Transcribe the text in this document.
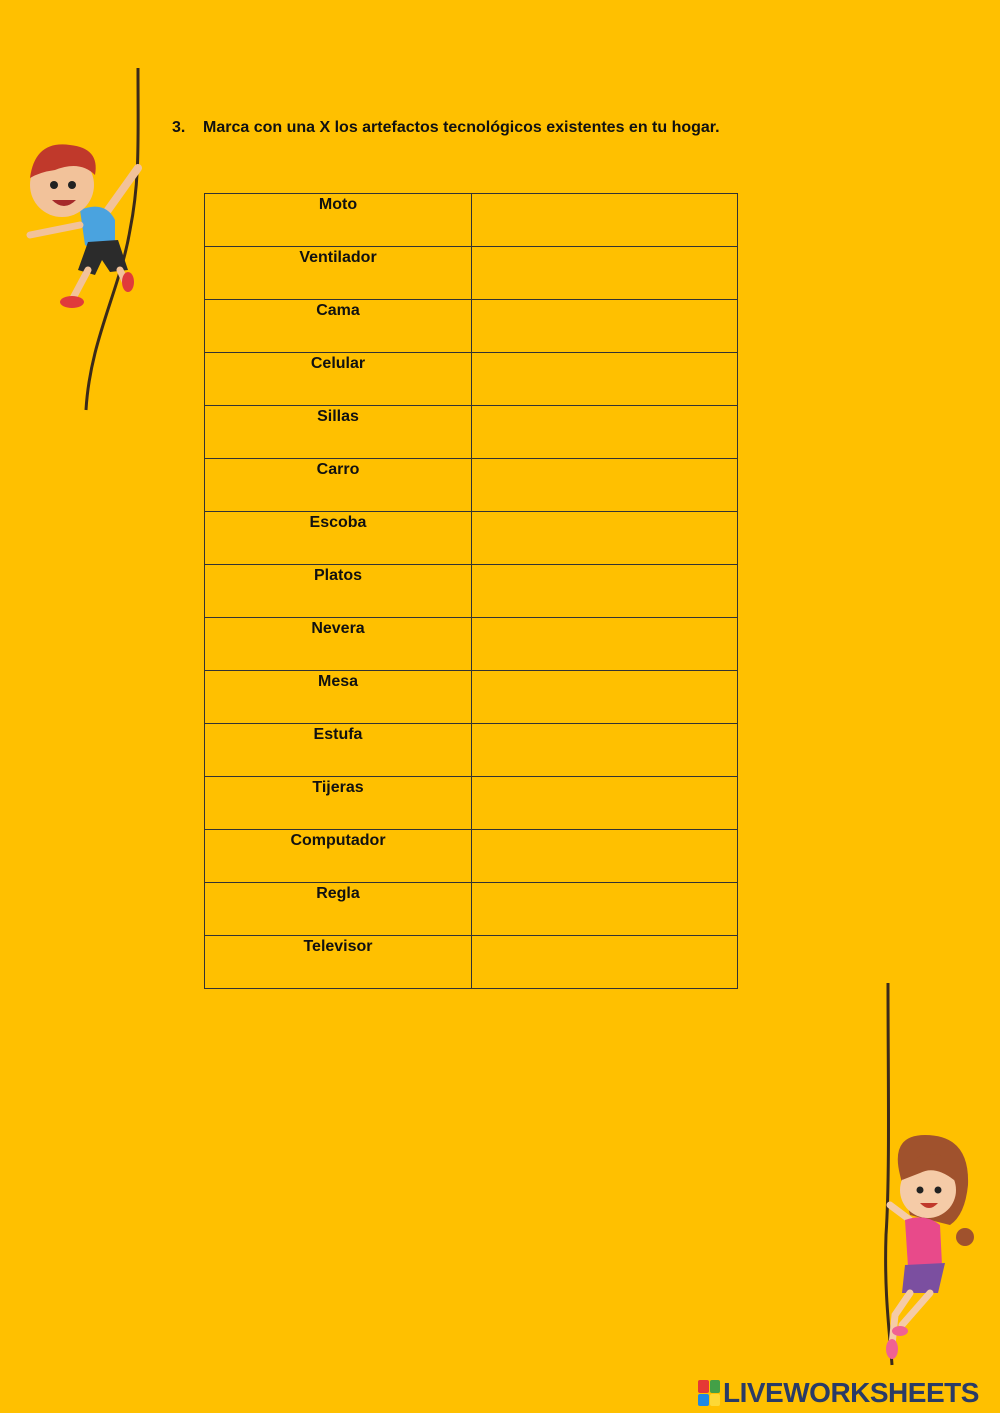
3. Marca con una X los artefactos tecnológicos existentes en tu hogar.
Moto	
Ventilador	
Cama	
Celular	
Sillas	
Carro	
Escoba	
Platos	
Nevera	
Mesa	
Estufa	
Tijeras	
Computador	
Regla	
Televisor	
LIVEWORKSHEETS
